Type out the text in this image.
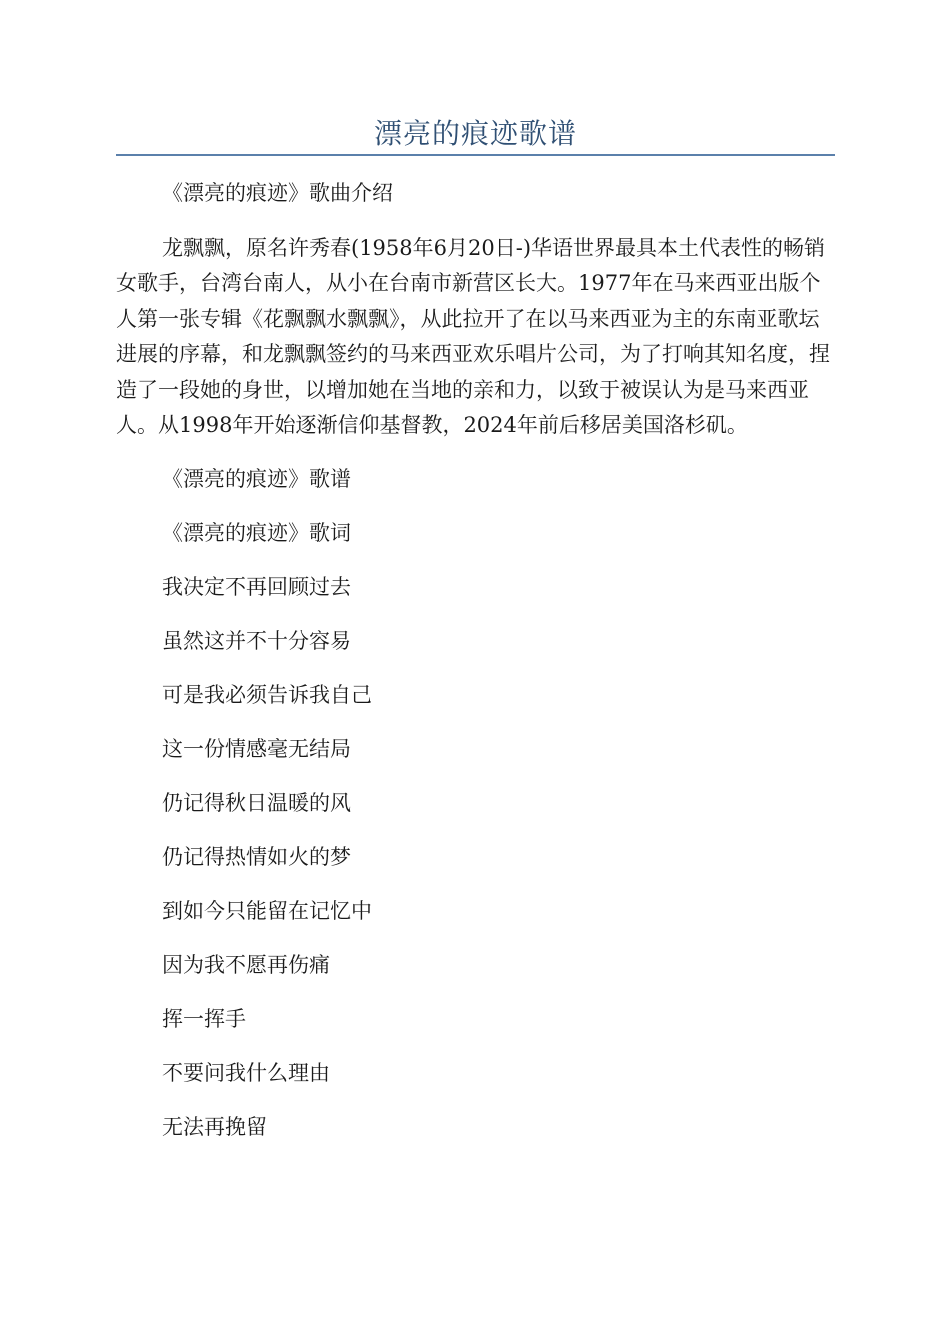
漂亮的痕迹歌谱

《漂亮的痕迹》歌曲介绍

龙飘飘，原名许秀春(1958年6月20日-)华语世界最具本土代表性的畅销女歌手，台湾台南人，从小在台南市新营区长大。1977年在马来西亚出版个人第一张专辑《花飘飘水飘飘》，从此拉开了在以马来西亚为主的东南亚歌坛进展的序幕，和龙飘飘签约的马来西亚欢乐唱片公司，为了打响其知名度，捏造了一段她的身世，以增加她在当地的亲和力，以致于被误认为是马来西亚人。从1998年开始逐渐信仰基督教，2024年前后移居美国洛杉矶。

《漂亮的痕迹》歌谱

《漂亮的痕迹》歌词

我决定不再回顾过去

虽然这并不十分容易

可是我必须告诉我自己

这一份情感毫无结局

仍记得秋日温暖的风

仍记得热情如火的梦

到如今只能留在记忆中

因为我不愿再伤痛

挥一挥手

不要问我什么理由

无法再挽留
